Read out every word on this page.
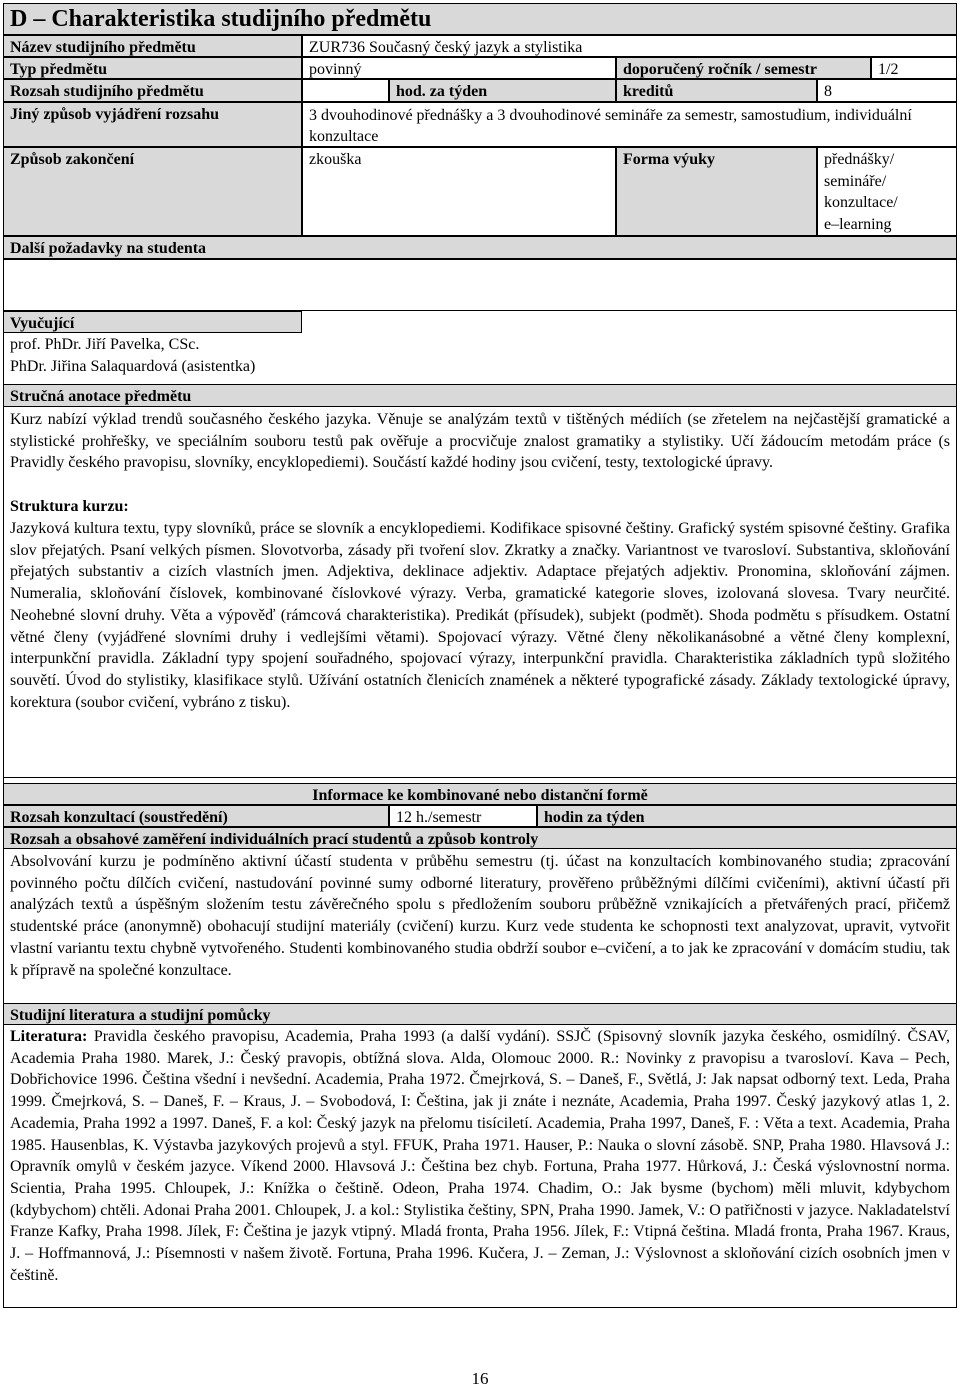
D – Charakteristika studijního předmětu
Název studijního předmětu	ZUR736 Současný český jazyk a stylistika
Typ předmětu	povinný	doporučený ročník / semestr	1/2
Rozsah studijního předmětu	hod. za týden	kreditů	8
Jiný způsob vyjádření rozsahu	3 dvouhodinové přednášky a 3 dvouhodinové semináře za semestr, samostudium, individuální konzultace
Způsob zakončení	zkouška	Forma výuky	přednášky/
semináře/
konzultace/
e–learning
Další požadavky na studenta
Vyučující
prof. PhDr. Jiří Pavelka, CSc.
PhDr. Jiřina Salaquardová (asistentka)
Stručná anotace předmětu
Kurz nabízí výklad trendů současného českého jazyka. Věnuje se analýzám textů v tištěných médiích (se zřetelem na nejčastější gramatické a stylistické prohřešky, ve speciálním souboru testů pak ověřuje a procvičuje znalost gramatiky a stylistiky. Učí žádoucím metodám práce (s Pravidly českého pravopisu, slovníky, encyklopediemi). Součástí každé hodiny jsou cvičení, testy, textologické úpravy.
Struktura kurzu:
Jazyková kultura textu, typy slovníků, práce se slovník a encyklopediemi. Kodifikace spisovné češtiny. Grafický systém spisovné češtiny. Grafika slov přejatých. Psaní velkých písmen. Slovotvorba, zásady při tvoření slov. Zkratky a značky. Variantnost ve tvarosloví. Substantiva, skloňování přejatých substantiv a cizích vlastních jmen. Adjektiva, deklinace adjektiv. Adaptace přejatých adjektiv. Pronomina, skloňování zájmen. Numeralia, skloňování číslovek, kombinované číslovkové výrazy. Verba, gramatické kategorie sloves, izolovaná slovesa. Tvary neurčité. Neohebné slovní druhy. Věta a výpověď (rámcová charakteristika). Predikát (přísudek), subjekt (podmět). Shoda podmětu s přísudkem. Ostatní větné členy (vyjádřené slovními druhy i vedlejšími větami). Spojovací výrazy. Větné členy několikanásobné a větné členy komplexní, interpunkční pravidla. Základní typy spojení souřadného, spojovací výrazy, interpunkční pravidla. Charakteristika základních typů složitého souvětí. Úvod do stylistiky, klasifikace stylů. Užívání ostatních členicích znamének a některé typografické zásady. Základy textologické úpravy, korektura (soubor cvičení, vybráno z tisku).
Informace ke kombinované nebo distanční formě
Rozsah konzultací (soustředění)	12 h./semestr	hodin za týden
Rozsah a obsahové zaměření individuálních prací studentů a způsob kontroly
Absolvování kurzu je podmíněno aktivní účastí studenta v průběhu semestru (tj. účast na konzultacích kombinovaného studia; zpracování povinného počtu dílčích cvičení, nastudování povinné sumy odborné literatury, prověřeno průběžnými dílčími cvičeními), aktivní účastí při analýzách textů a úspěšným složením testu závěrečného spolu s předložením souboru průběžně vznikajících a přetvářených prací, přičemž studentské práce (anonymně) obohacují studijní materiály (cvičení) kurzu. Kurz vede studenta ke schopnosti text analyzovat, upravit, vytvořit vlastní variantu textu chybně vytvořeného. Studenti kombinovaného studia obdrží soubor e–cvičení, a to jak ke zpracování v domácím studiu, tak k přípravě na společné konzultace.
Studijní literatura a studijní pomůcky
Literatura: Pravidla českého pravopisu, Academia, Praha 1993 (a další vydání). SSJČ (Spisovný slovník jazyka českého, osmidílný. ČSAV, Academia Praha 1980. Marek, J.: Český pravopis, obtížná slova. Alda, Olomouc 2000. R.: Novinky z pravopisu a tvarosloví. Kava – Pech, Dobřichovice 1996. Čeština všední i nevšední. Academia, Praha 1972. Čmejrková, S. – Daneš, F., Světlá, J: Jak napsat odborný text. Leda, Praha 1999. Čmejrková, S. – Daneš, F. – Kraus, J. – Svobodová, I: Čeština, jak ji znáte i neznáte, Academia, Praha 1997. Český jazykový atlas 1, 2. Academia, Praha 1992 a 1997. Daneš, F. a kol: Český jazyk na přelomu tisíciletí. Academia, Praha 1997, Daneš, F. : Věta a text. Academia, Praha 1985. Hausenblas, K. Výstavba jazykových projevů a styl. FFUK, Praha 1971. Hauser, P.: Nauka o slovní zásobě. SNP, Praha 1980. Hlavsová J.: Opravník omylů v českém jazyce. Víkend 2000. Hlavsová J.: Čeština bez chyb. Fortuna, Praha 1977. Hůrková, J.: Česká výslovnostní norma. Scientia, Praha 1995. Chloupek, J.: Knížka o češtině. Odeon, Praha 1974. Chadim, O.: Jak bysme (bychom) měli mluvit, kdybychom (kdybychom) chtěli. Adonai Praha 2001. Chloupek, J. a kol.: Stylistika češtiny, SPN, Praha 1990. Jamek, V.: O patřičnosti v jazyce. Nakladatelství Franze Kafky, Praha 1998. Jílek, F: Čeština je jazyk vtipný. Mladá fronta, Praha 1956. Jílek, F.: Vtipná čeština. Mladá fronta, Praha 1967. Kraus, J. – Hoffmannová, J.: Písemnosti v našem životě. Fortuna, Praha 1996. Kučera, J. – Zeman, J.: Výslovnost a skloňování cizích osobních jmen v češtině.
16
